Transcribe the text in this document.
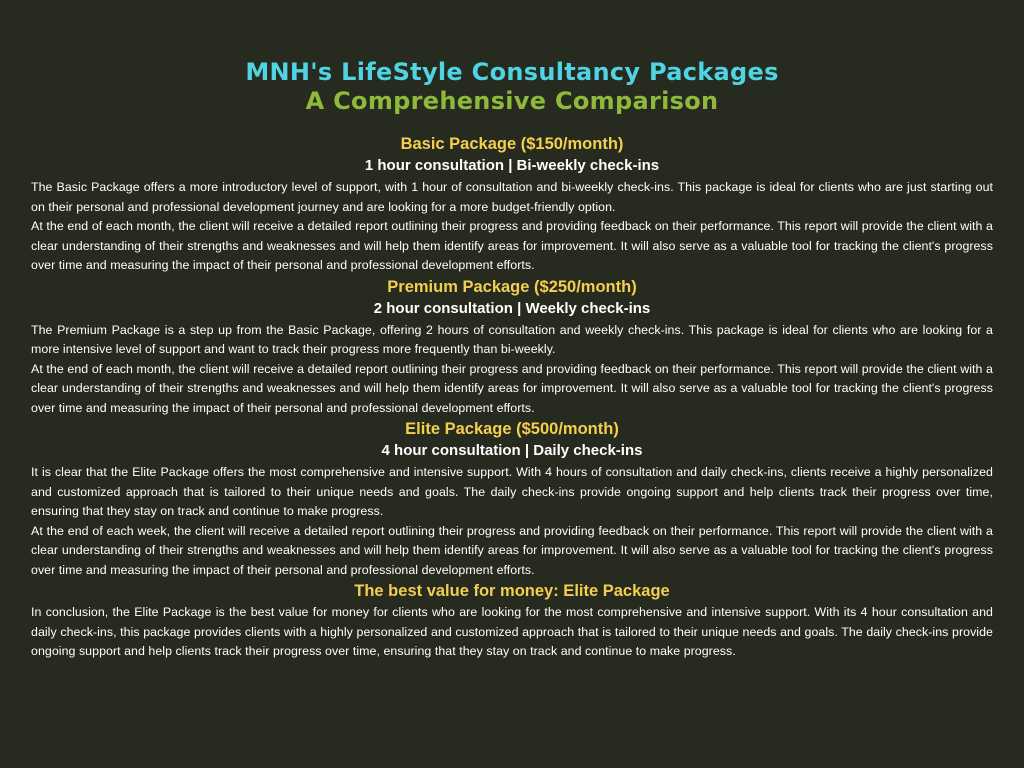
MNH's LifeStyle Consultancy Packages
A Comprehensive Comparison
Basic Package ($150/month)
1 hour consultation | Bi-weekly check-ins

The Basic Package offers a more introductory level of support, with 1 hour of consultation and bi-weekly check-ins. This package is ideal for clients who are just starting out on their personal and professional development journey and are looking for a more budget-friendly option.

At the end of each month, the client will receive a detailed report outlining their progress and providing feedback on their performance. This report will provide the client with a clear understanding of their strengths and weaknesses and will help them identify areas for improvement. It will also serve as a valuable tool for tracking the client's progress over time and measuring the impact of their personal and professional development efforts.

Premium Package ($250/month)
2 hour consultation | Weekly check-ins

The Premium Package is a step up from the Basic Package, offering 2 hours of consultation and weekly check-ins. This package is ideal for clients who are looking for a more intensive level of support and want to track their progress more frequently than bi-weekly.

At the end of each month, the client will receive a detailed report outlining their progress and providing feedback on their performance. This report will provide the client with a clear understanding of their strengths and weaknesses and will help them identify areas for improvement. It will also serve as a valuable tool for tracking the client's progress over time and measuring the impact of their personal and professional development efforts.

Elite Package ($500/month)
4 hour consultation | Daily check-ins

It is clear that the Elite Package offers the most comprehensive and intensive support. With 4 hours of consultation and daily check-ins, clients receive a highly personalized and customized approach that is tailored to their unique needs and goals. The daily check-ins provide ongoing support and help clients track their progress over time, ensuring that they stay on track and continue to make progress.

At the end of each week, the client will receive a detailed report outlining their progress and providing feedback on their performance. This report will provide the client with a clear understanding of their strengths and weaknesses and will help them identify areas for improvement. It will also serve as a valuable tool for tracking the client's progress over time and measuring the impact of their personal and professional development efforts.

The best value for money: Elite Package

In conclusion, the Elite Package is the best value for money for clients who are looking for the most comprehensive and intensive support. With its 4 hour consultation and daily check-ins, this package provides clients with a highly personalized and customized approach that is tailored to their unique needs and goals. The daily check-ins provide ongoing support and help clients track their progress over time, ensuring that they stay on track and continue to make progress.
